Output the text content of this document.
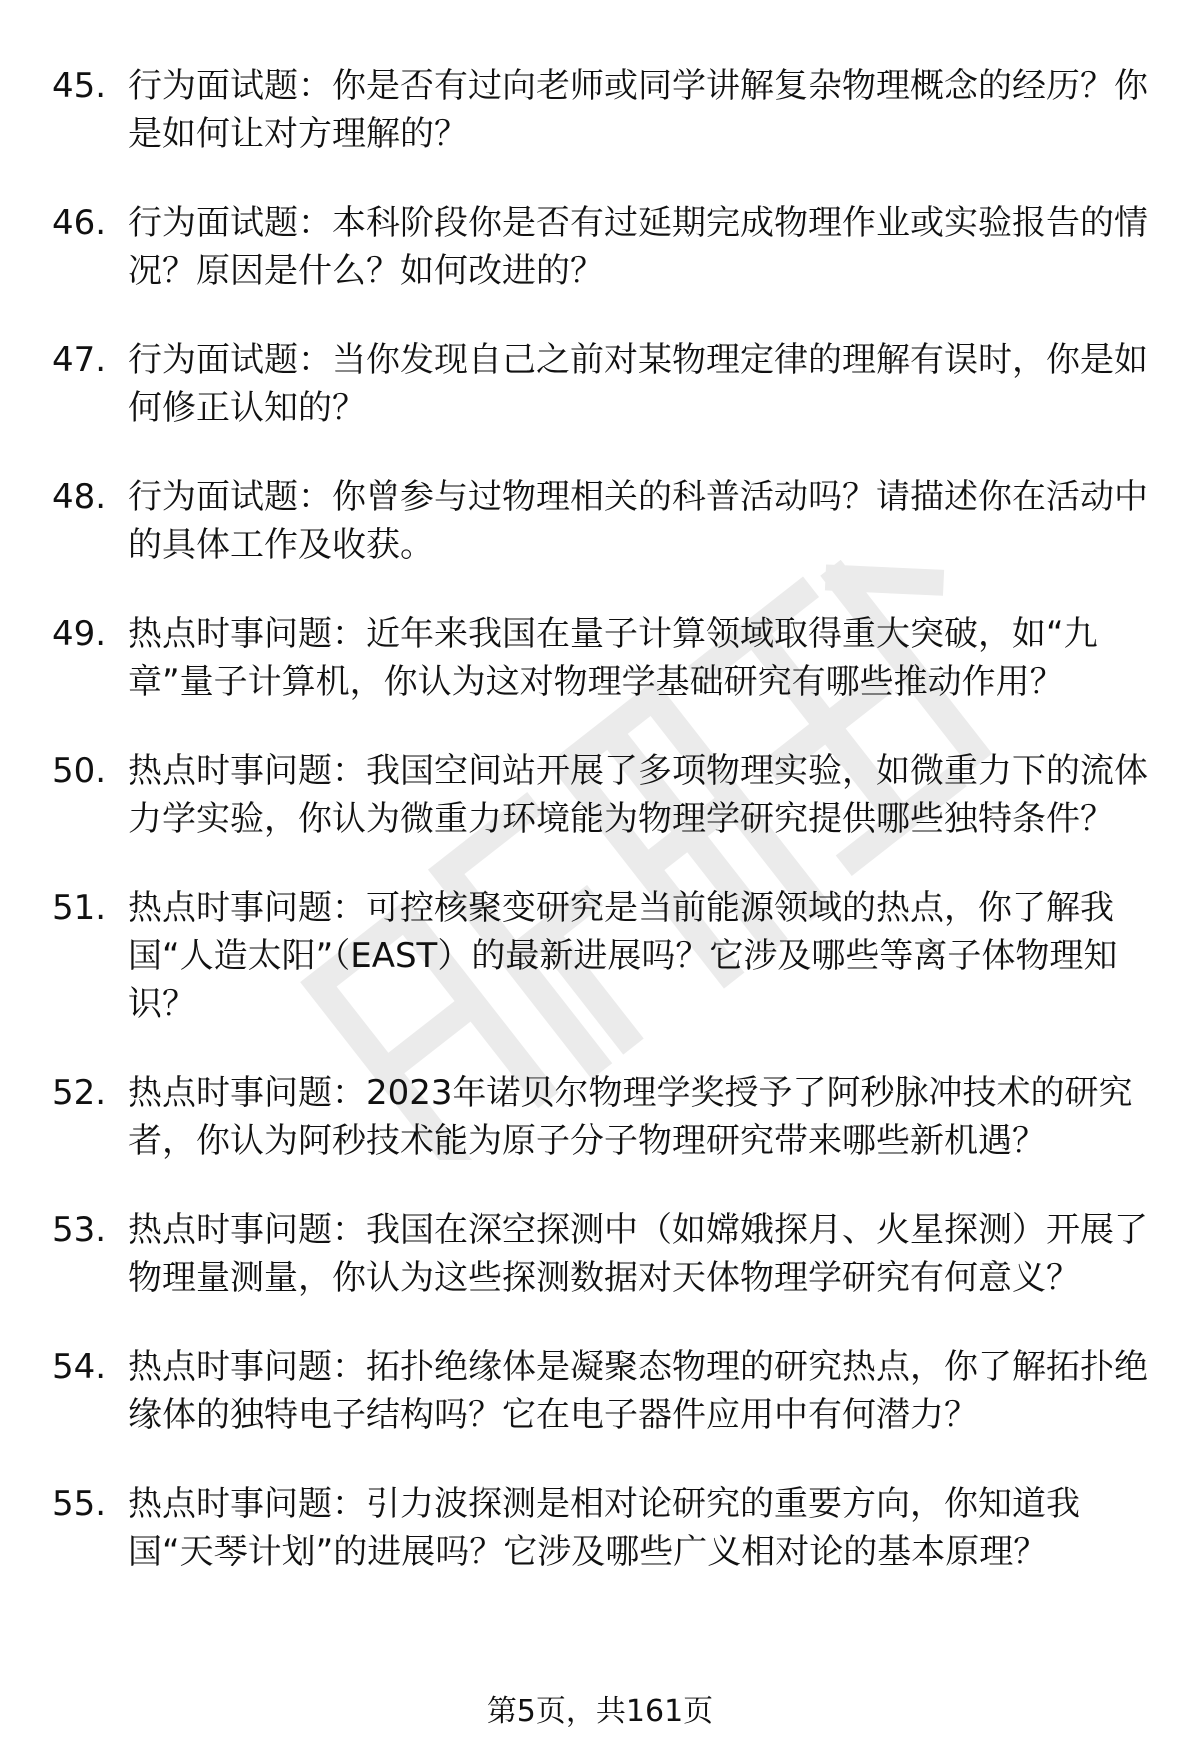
45. 行为面试题：你是否有过向老师或同学讲解复杂物理概念的经历？你是如何让对方理解的？
46. 行为面试题：本科阶段你是否有过延期完成物理作业或实验报告的情况？原因是什么？如何改进的？
47. 行为面试题：当你发现自己之前对某物理定律的理解有误时，你是如何修正认知的？
48. 行为面试题：你曾参与过物理相关的科普活动吗？请描述你在活动中的具体工作及收获。
49. 热点时事问题：近年来我国在量子计算领域取得重大突破，如“九章”量子计算机，你认为这对物理学基础研究有哪些推动作用？
50. 热点时事问题：我国空间站开展了多项物理实验，如微重力下的流体力学实验，你认为微重力环境能为物理学研究提供哪些独特条件？
51. 热点时事问题：可控核聚变研究是当前能源领域的热点，你了解我国“人造太阳”（EAST）的最新进展吗？它涉及哪些等离子体物理知识？
52. 热点时事问题：2023年诺贝尔物理学奖授予了阿秒脉冲技术的研究者，你认为阿秒技术能为原子分子物理研究带来哪些新机遇？
53. 热点时事问题：我国在深空探测中（如嫦娥探月、火星探测）开展了物理量测量，你认为这些探测数据对天体物理学研究有何意义？
54. 热点时事问题：拓扑绝缘体是凝聚态物理的研究热点，你了解拓扑绝缘体的独特电子结构吗？它在电子器件应用中有何潜力？
55. 热点时事问题：引力波探测是相对论研究的重要方向，你知道我国“天琴计划”的进展吗？它涉及哪些广义相对论的基本原理？
第5页，共161页
